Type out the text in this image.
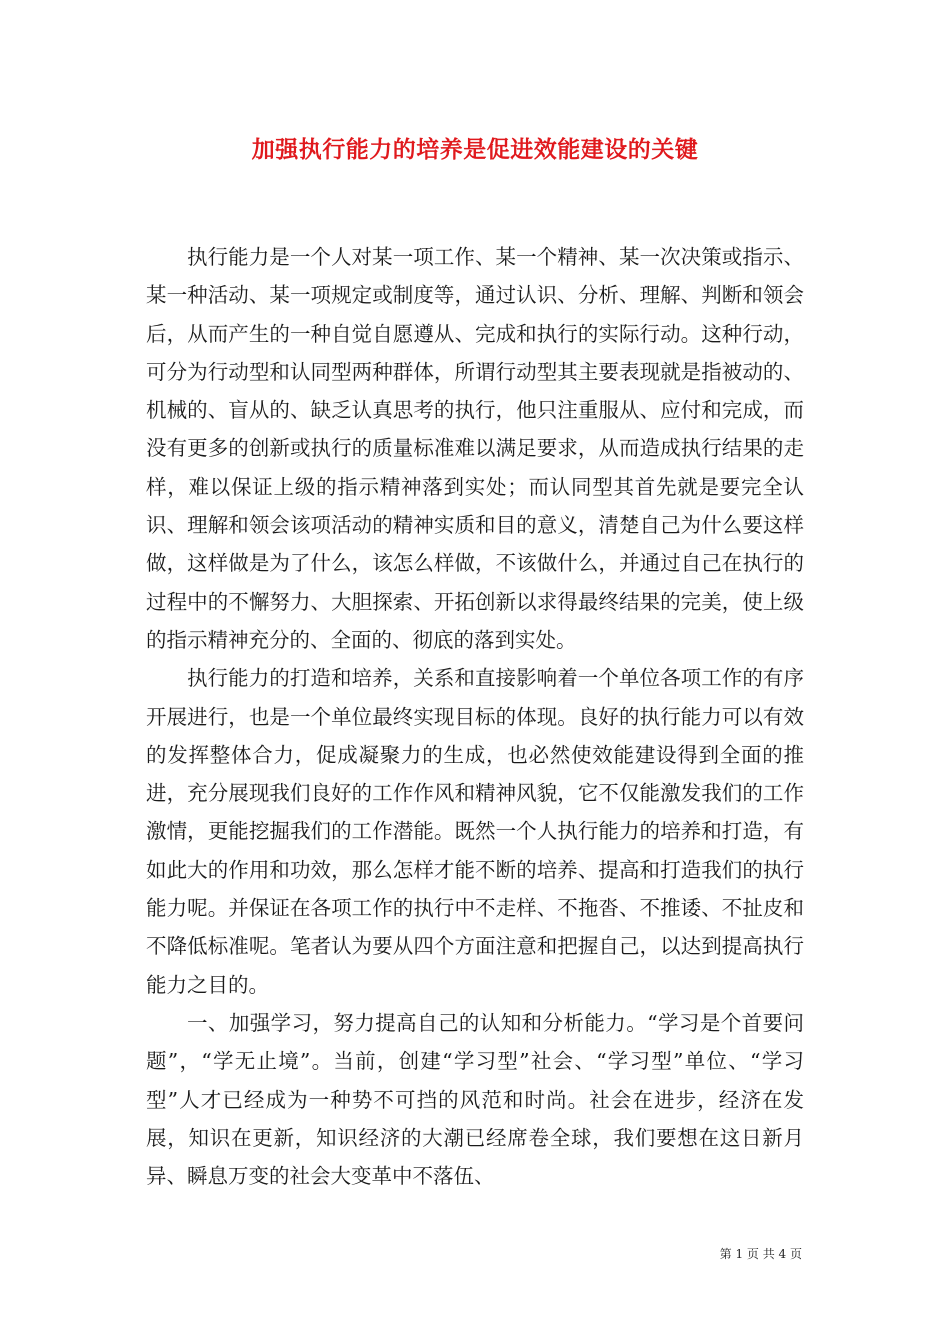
加强执行能力的培养是促进效能建设的关键

执行能力是一个人对某一项工作、某一个精神、某一次决策或指示、某一种活动、某一项规定或制度等，通过认识、分析、理解、判断和领会后，从而产生的一种自觉自愿遵从、完成和执行的实际行动。这种行动，可分为行动型和认同型两种群体，所谓行动型其主要表现就是指被动的、机械的、盲从的、缺乏认真思考的执行，他只注重服从、应付和完成，而没有更多的创新或执行的质量标准难以满足要求，从而造成执行结果的走样，难以保证上级的指示精神落到实处；而认同型其首先就是要完全认识、理解和领会该项活动的精神实质和目的意义，清楚自己为什么要这样做，这样做是为了什么，该怎么样做，不该做什么，并通过自己在执行的过程中的不懈努力、大胆探索、开拓创新以求得最终结果的完美，使上级的指示精神充分的、全面的、彻底的落到实处。

执行能力的打造和培养，关系和直接影响着一个单位各项工作的有序开展进行，也是一个单位最终实现目标的体现。良好的执行能力可以有效的发挥整体合力，促成凝聚力的生成，也必然使效能建设得到全面的推进，充分展现我们良好的工作作风和精神风貌，它不仅能激发我们的工作激情，更能挖掘我们的工作潜能。既然一个人执行能力的培养和打造，有如此大的作用和功效，那么怎样才能不断的培养、提高和打造我们的执行能力呢。并保证在各项工作的执行中不走样、不拖沓、不推诿、不扯皮和不降低标准呢。笔者认为要从四个方面注意和把握自己，以达到提高执行能力之目的。

一、加强学习，努力提高自己的认知和分析能力。“学习是个首要问题”，“学无止境”。当前，创建“学习型”社会、“学习型”单位、“学习型”人才已经成为一种势不可挡的风范和时尚。社会在进步，经济在发展，知识在更新，知识经济的大潮已经席卷全球，我们要想在这日新月异、瞬息万变的社会大变革中不落伍、

第 1 页 共 4 页
